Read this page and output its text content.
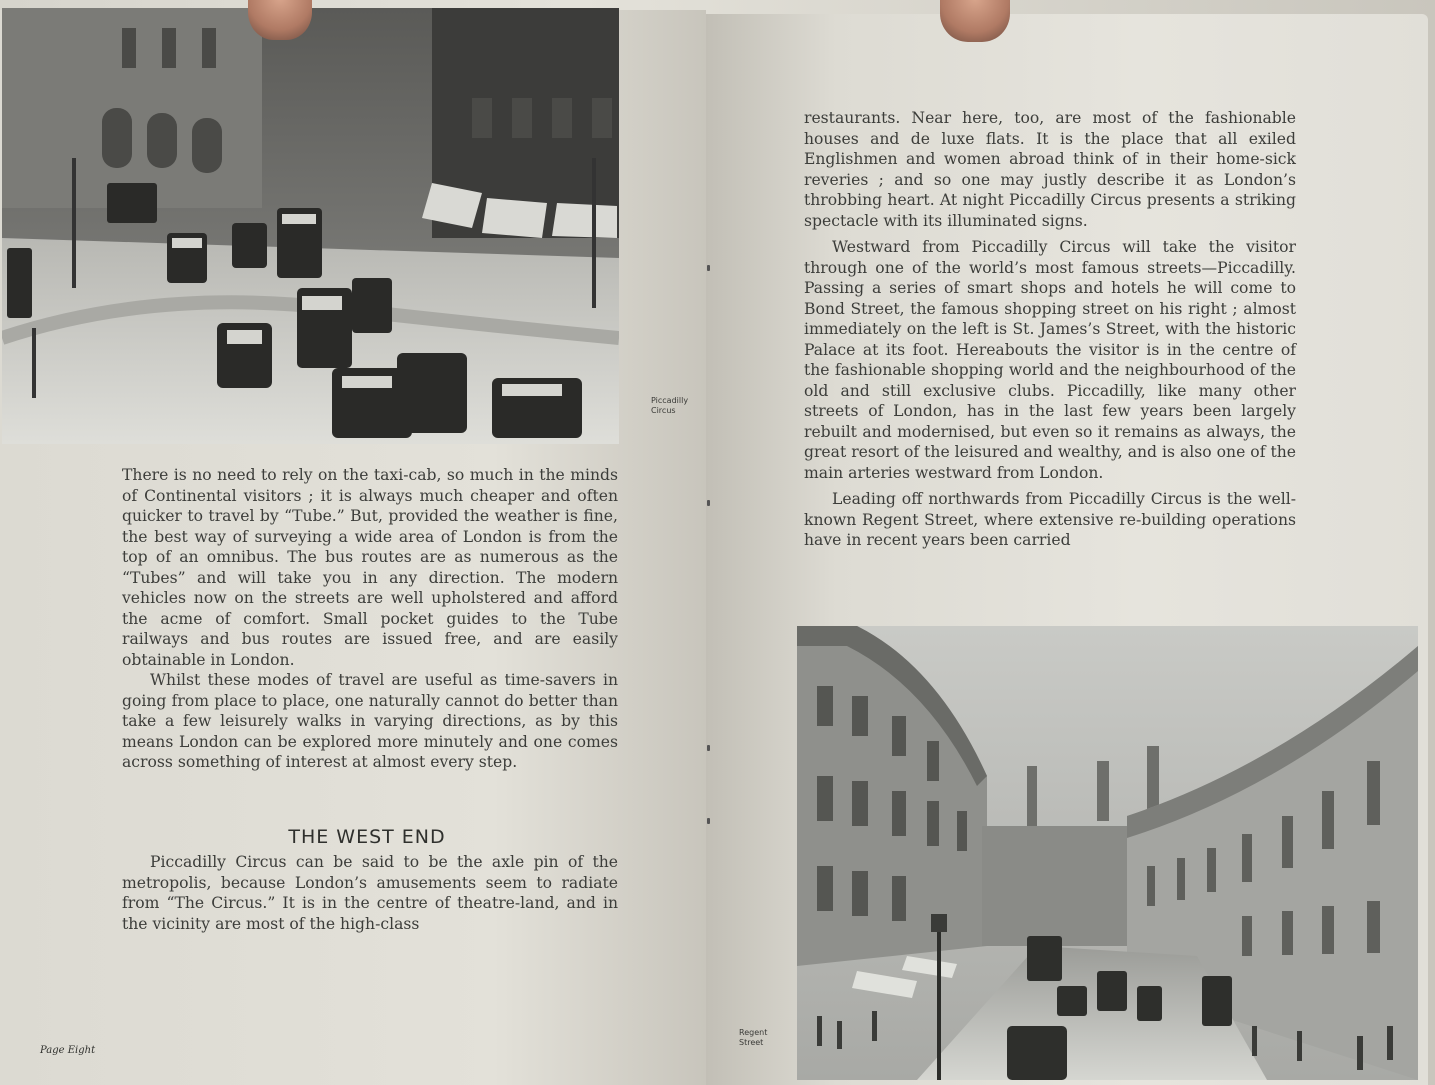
Piccadilly
Circus
Regent
Street

There is no need to rely on the taxi-cab, so much in the minds of Continental visitors ; it is always much cheaper and often quicker to travel by “Tube.” But, provided the weather is fine, the best way of surveying a wide area of London is from the top of an omnibus. The bus routes are as numerous as the “Tubes” and will take you in any direction. The modern vehicles now on the streets are well upholstered and afford the acme of comfort. Small pocket guides to the Tube railways and bus routes are issued free, and are easily obtainable in London.

Whilst these modes of travel are useful as time-savers in going from place to place, one naturally cannot do better than take a few leisurely walks in varying directions, as by this means London can be explored more minutely and one comes across something of interest at almost every step.

THE WEST END

Piccadilly Circus can be said to be the axle pin of the metropolis, because London’s amusements seem to radiate from “The Circus.” It is in the centre of theatre-land, and in the vicinity are most of the high-class

Page Eight

restaurants. Near here, too, are most of the fashionable houses and de luxe flats. It is the place that all exiled Englishmen and women abroad think of in their home-sick reveries ; and so one may justly describe it as London’s throbbing heart. At night Piccadilly Circus presents a striking spectacle with its illuminated signs.

Westward from Piccadilly Circus will take the visitor through one of the world’s most famous streets—Piccadilly. Passing a series of smart shops and hotels he will come to Bond Street, the famous shopping street on his right ; almost immediately on the left is St. James’s Street, with the historic Palace at its foot. Hereabouts the visitor is in the centre of the fashionable shopping world and the neighbourhood of the old and still exclusive clubs. Piccadilly, like many other streets of London, has in the last few years been largely rebuilt and modernised, but even so it remains as always, the great resort of the leisured and wealthy, and is also one of the main arteries westward from London.

Leading off northwards from Piccadilly Circus is the well-known Regent Street, where extensive re-building operations have in recent years been carried
